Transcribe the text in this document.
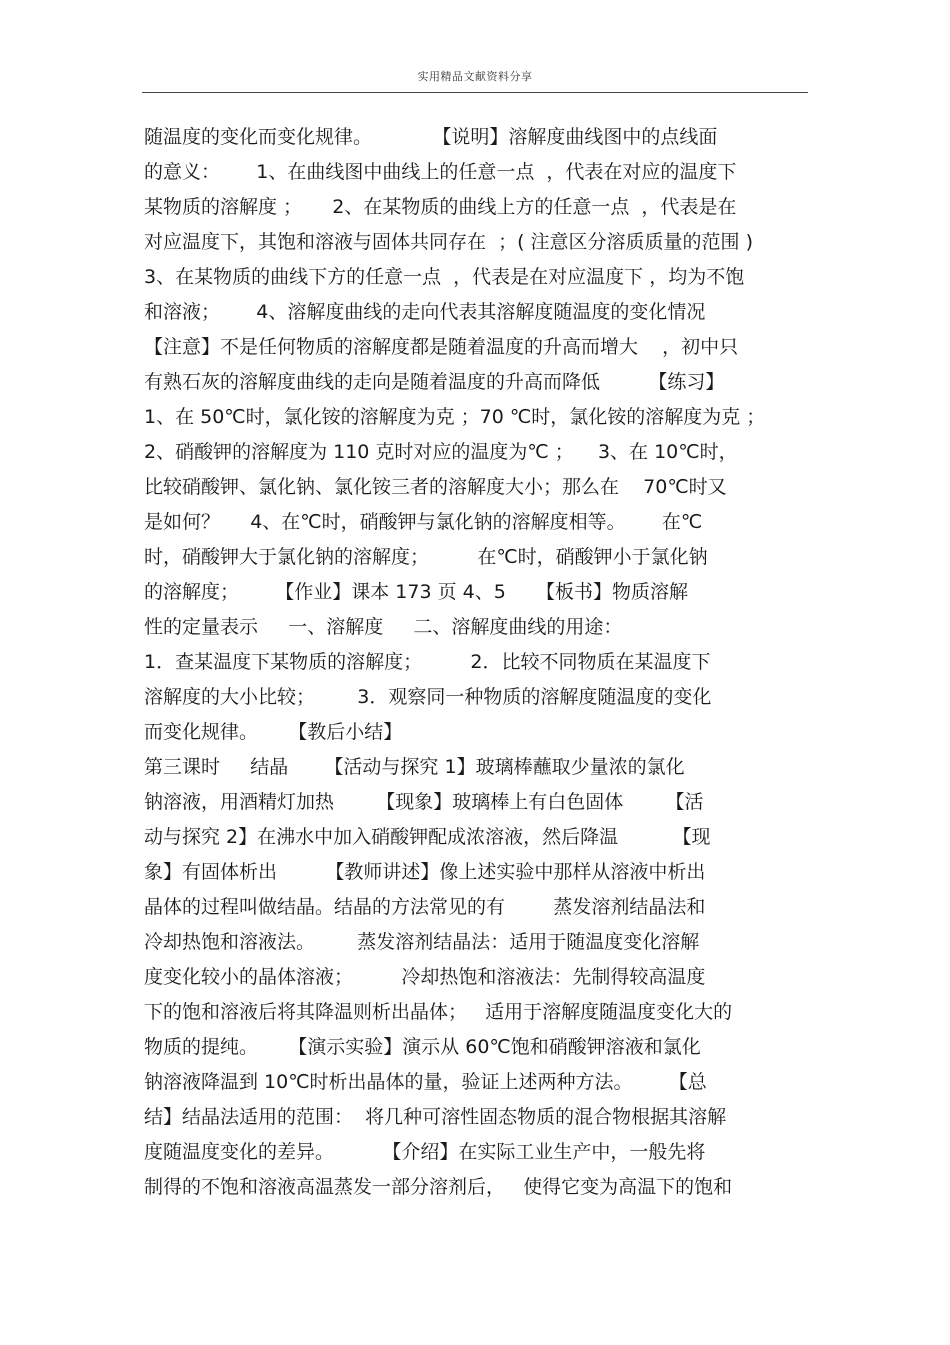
实用精品文献资料分享
随温度的变化而变化规律。          【说明】溶解度曲线图中的点线面
的意义：      1、在曲线图中曲线上的任意一点  ，代表在对应的温度下
某物质的溶解度 ；     2、在某物质的曲线上方的任意一点  ，代表是在
对应温度下，其饱和溶液与固体共同存在  ；( 注意区分溶质质量的范围 )
3、在某物质的曲线下方的任意一点  ，代表是在对应温度下 ，均为不饱
和溶液；      4、溶解度曲线的走向代表其溶解度随温度的变化情况
【注意】不是任何物质的溶解度都是随着温度的升高而增大    ，初中只
有熟石灰的溶解度曲线的走向是随着温度的升高而降低        【练习】
1、在 50℃时，氯化铵的溶解度为克 ；70 ℃时，氯化铵的溶解度为克 ；
2、硝酸钾的溶解度为 110 克时对应的温度为℃ ；    3、在 10℃时，
比较硝酸钾、氯化钠、氯化铵三者的溶解度大小；那么在    70℃时又
是如何？     4、在℃时，硝酸钾与氯化钠的溶解度相等。      在℃
时，硝酸钾大于氯化钠的溶解度；        在℃时，硝酸钾小于氯化钠
的溶解度；      【作业】课本 173 页 4、5     【板书】物质溶解
性的定量表示     一、溶解度     二、溶解度曲线的用途：
1．查某温度下某物质的溶解度；        2．比较不同物质在某温度下
溶解度的大小比较；       3．观察同一种物质的溶解度随温度的变化
而变化规律。     【教后小结】
第三课时     结晶      【活动与探究 1】玻璃棒蘸取少量浓的氯化
钠溶液，用酒精灯加热       【现象】玻璃棒上有白色固体       【活
动与探究 2】在沸水中加入硝酸钾配成浓溶液，然后降温         【现
象】有固体析出        【教师讲述】像上述实验中那样从溶液中析出
晶体的过程叫做结晶。结晶的方法常见的有        蒸发溶剂结晶法和
冷却热饱和溶液法。       蒸发溶剂结晶法：适用于随温度变化溶解
度变化较小的晶体溶液；        冷却热饱和溶液法：先制得较高温度
下的饱和溶液后将其降温则析出晶体；   适用于溶解度随温度变化大的
物质的提纯。     【演示实验】演示从 60℃饱和硝酸钾溶液和氯化
钠溶液降温到 10℃时析出晶体的量，验证上述两种方法。      【总
结】结晶法适用的范围：  将几种可溶性固态物质的混合物根据其溶解
度随温度变化的差异。        【介绍】在实际工业生产中，一般先将
制得的不饱和溶液高温蒸发一部分溶剂后，   使得它变为高温下的饱和
